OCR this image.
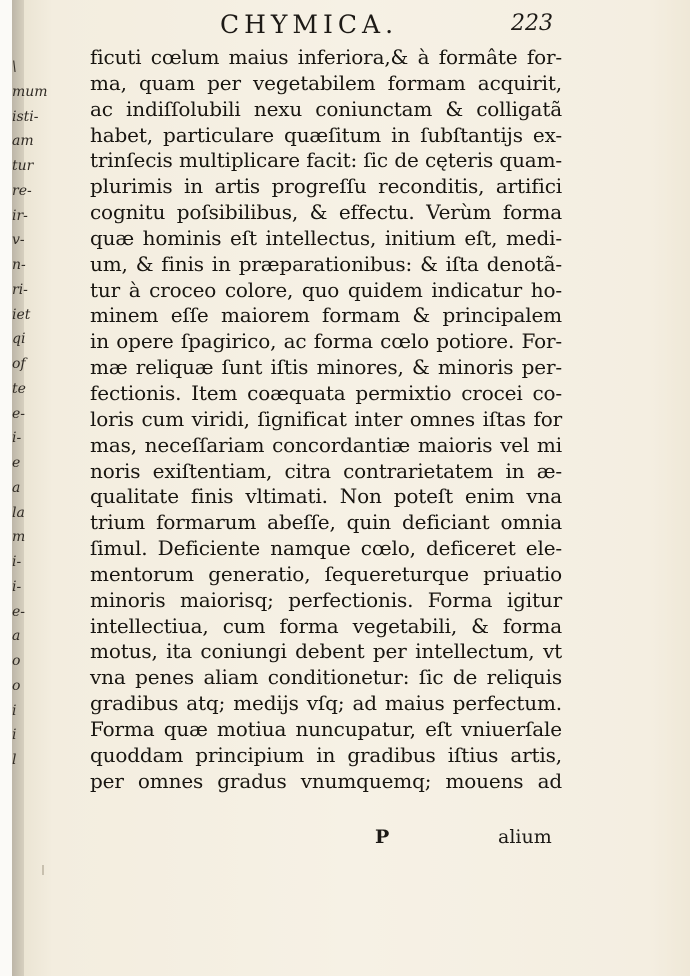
CHYMICA.	223
\
mum
isti-
am
tur
re-
ir-
v-
n-
ri-
iet
qi
of
te
e-
i-
e
a
la
m
i-
i-
e-
a
o
o
i
i
l
ficuti cœlum maius inferiora,& à formâte for-
ma, quam per vegetabilem formam acquirit,
ac indiſſolubili nexu coniunctam & colligatã
habet, particulare quæſitum in ſubſtantijs ex-
trinſecis multiplicare facit: ſic de cęteris quam-
plurimis in artis progreſſu reconditis, artifici
cognitu poſsibilibus, & effectu. Verùm forma
quæ hominis eſt intellectus, initium eſt, medi-
um, & finis in præparationibus: & iſta denotã-
tur à croceo colore, quo quidem indicatur ho-
minem eſſe maiorem formam & principalem
in opere ſpagirico, ac forma cœlo potiore. For-
mæ reliquæ ſunt iſtis minores, & minoris per-
fectionis. Item coæquata permixtio crocei co-
loris cum viridi, ſignificat inter omnes iſtas for
mas, neceſſariam concordantiæ maioris vel mi
noris exiſtentiam, citra contrarietatem in æ-
qualitate finis vltimati. Non poteſt enim vna
trium formarum abeſſe, quin deficiant omnia
ſimul. Deficiente namque cœlo, deficeret ele-
mentorum generatio, ſequereturque priuatio
minoris maiorisq; perfectionis. Forma igitur
intellectiua, cum forma vegetabili, & forma
motus, ita coniungi debent per intellectum, vt
vna penes aliam conditionetur: ſic de reliquis
gradibus atq; medijs vſq; ad maius perfectum.
Forma quæ motiua nuncupatur, eſt vniuerſale
quoddam principium in gradibus iſtius artis,
per omnes gradus vnumquemq; mouens ad
P	alium
